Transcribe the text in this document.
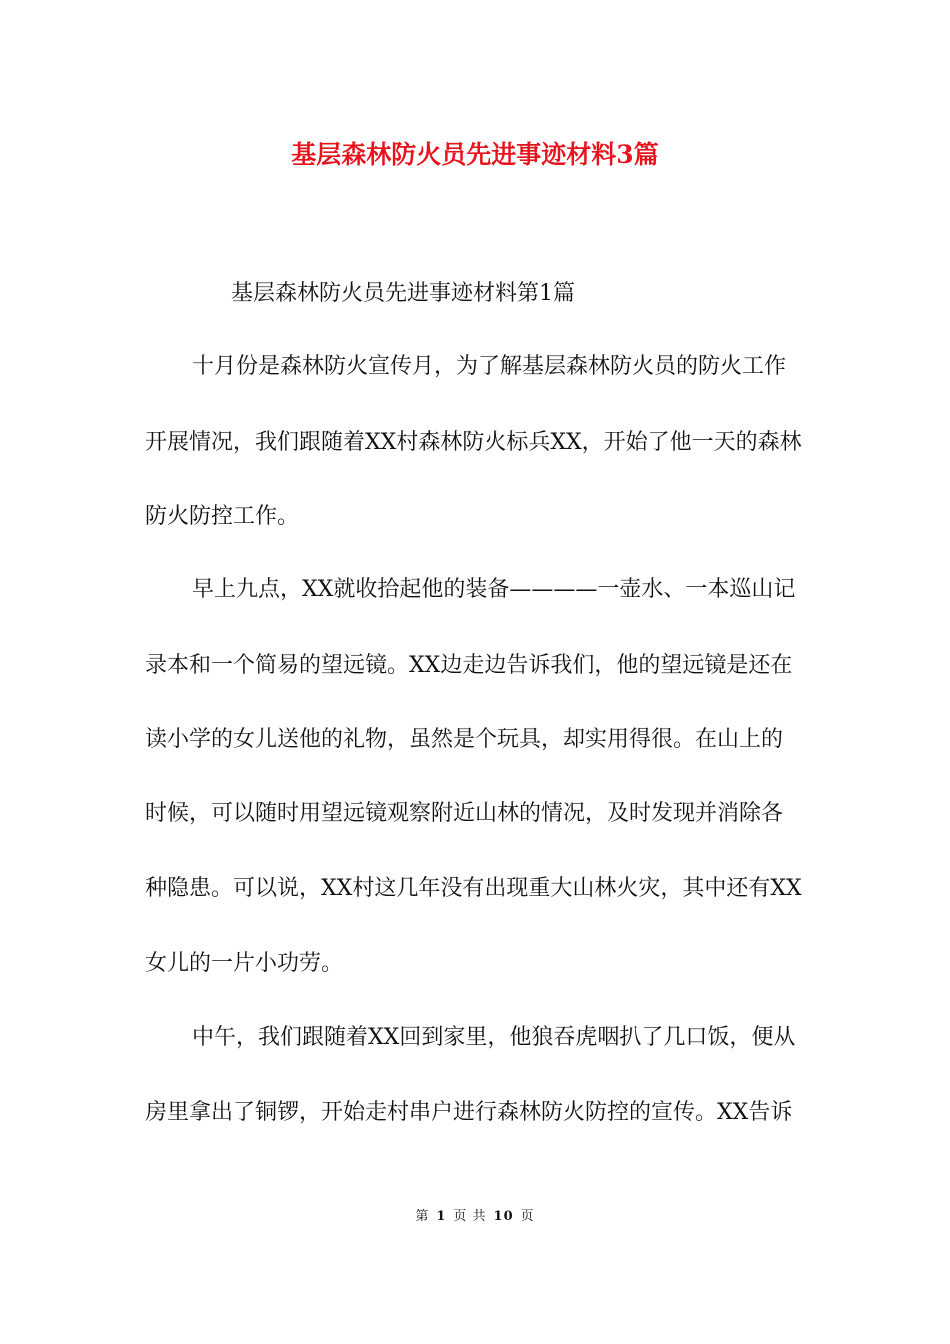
基层森林防火员先进事迹材料3篇

基层森林防火员先进事迹材料第1篇

十月份是森林防火宣传月，为了解基层森林防火员的防火工作

开展情况，我们跟随着XX村森林防火标兵XX，开始了他一天的森林

防火防控工作。

早上九点，XX就收拾起他的装备————一壶水、一本巡山记

录本和一个简易的望远镜。XX边走边告诉我们，他的望远镜是还在

读小学的女儿送他的礼物，虽然是个玩具，却实用得很。在山上的

时候，可以随时用望远镜观察附近山林的情况，及时发现并消除各

种隐患。可以说，XX村这几年没有出现重大山林火灾，其中还有XX

女儿的一片小功劳。

中午，我们跟随着XX回到家里，他狼吞虎咽扒了几口饭，便从

房里拿出了铜锣，开始走村串户进行森林防火防控的宣传。XX告诉

第 1 页 共 10 页
